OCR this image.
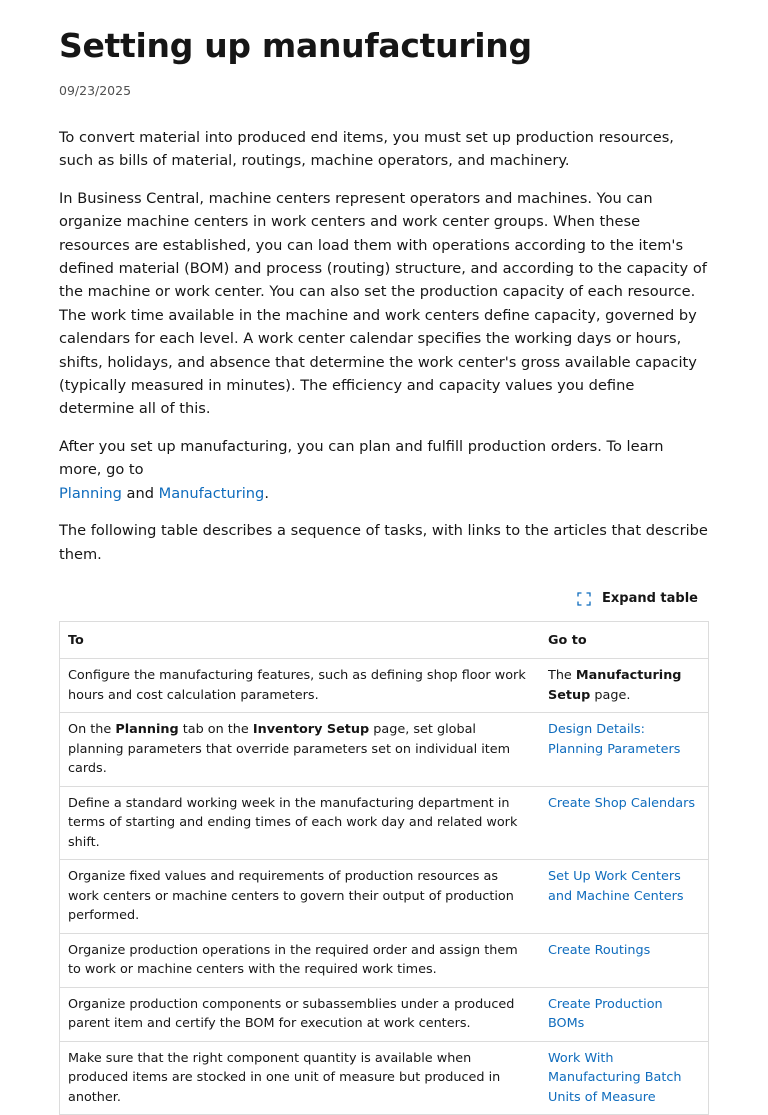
Setting up manufacturing
09/23/2025

To convert material into produced end items, you must set up production resources, such as bills of material, routings, machine operators, and machinery.

In Business Central, machine centers represent operators and machines. You can organize machine centers in work centers and work center groups. When these resources are established, you can load them with operations according to the item's defined material (BOM) and process (routing) structure, and according to the capacity of the machine or work center. You can also set the production capacity of each resource. The work time available in the machine and work centers define capacity, governed by calendars for each level. A work center calendar specifies the working days or hours, shifts, holidays, and absence that determine the work center's gross available capacity (typically measured in minutes). The efficiency and capacity values you define determine all of this.

After you set up manufacturing, you can plan and fulfill production orders. To learn more, go to
Planning and Manufacturing.

The following table describes a sequence of tasks, with links to the articles that describe them.

Expand table
To	Go to
Configure the manufacturing features, such as defining shop floor work hours and cost calculation parameters.	The Manufacturing Setup page.
On the Planning tab on the Inventory Setup page, set global planning parameters that override parameters set on individual item cards.	Design Details: Planning Parameters
Define a standard working week in the manufacturing department in terms of starting and ending times of each work day and related work shift.	Create Shop Calendars
Organize fixed values and requirements of production resources as work centers or machine centers to govern their output of production performed.	Set Up Work Centers and Machine Centers
Organize production operations in the required order and assign them to work or machine centers with the required work times.	Create Routings
Organize production components or subassemblies under a produced parent item and certify the BOM for execution at work centers.	Create Production BOMs
Make sure that the right component quantity is available when produced items are stocked in one unit of measure but produced in another.	Work With Manufacturing Batch Units of Measure
